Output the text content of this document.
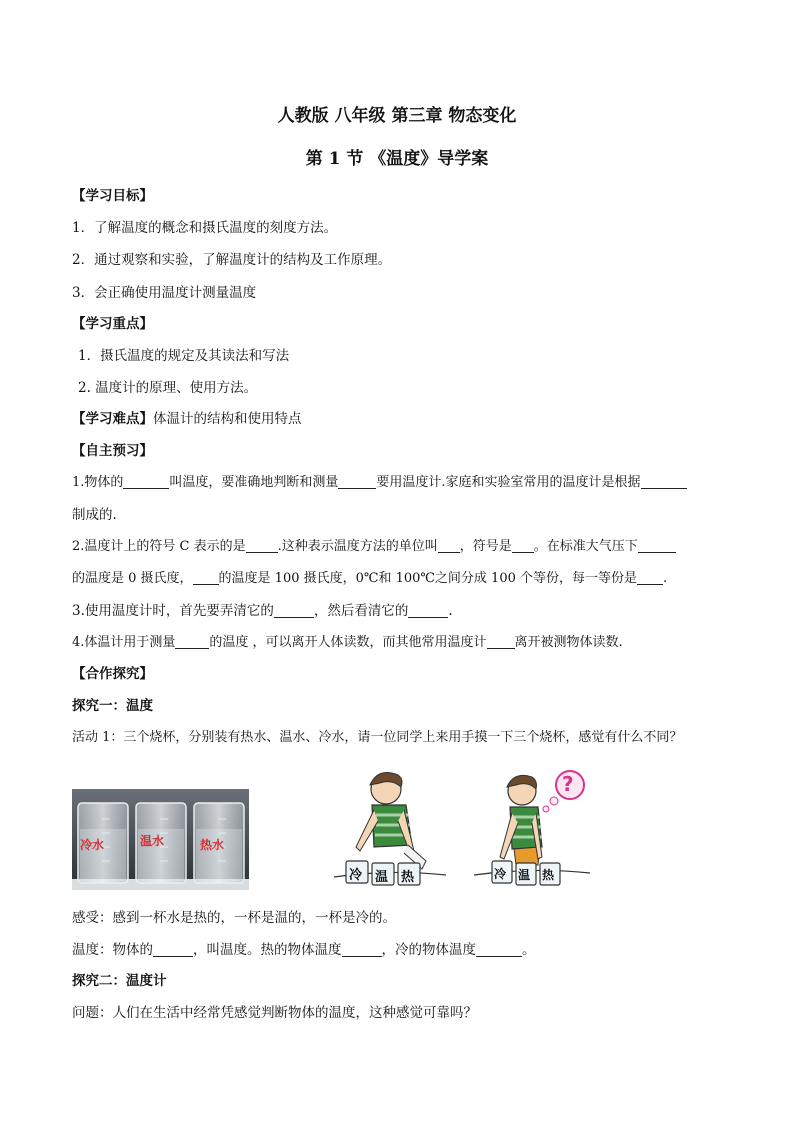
人教版 八年级 第三章 物态变化
第 1 节 《温度》导学案
【学习目标】
1．了解温度的概念和摄氏温度的刻度方法。
2．通过观察和实验，了解温度计的结构及工作原理。
3．会正确使用温度计测量温度
【学习重点】
1．摄氏温度的规定及其读法和写法
2. 温度计的原理、使用方法。
【学习难点】体温计的结构和使用特点
【自主预习】
1.物体的	叫温度，要准确地判断和测量	要用温度计.家庭和实验室常用的温度计是根据
制成的.
2.温度计上的符号 C 表示的是 .这种表示温度方法的单位叫 ，符号是 。在标准大气压下
的温度是 0 摄氏度， 的温度是 100 摄氏度，0℃和 100℃之间分成 100 个等份，每一等份是 .
3.使用温度计时，首先要弄清它的	，然后看清它的	.
4.体温计用于测量	的温度 ，可以离开人体读数，而其他常用温度计 离开被测物体读数.
【合作探究】
探究一：温度
活动 1：三个烧杯，分别装有热水、温水、冷水，请一位同学上来用手摸一下三个烧杯，感觉有什么不同？
冷水	温水	热水
冷 温 热
?
冷 温 热
感受：感到一杯水是热的，一杯是温的，一杯是冷的。
温度：物体的	，叫温度。热的物体温度	，冷的物体温度	。
探究二：温度计
问题：人们在生活中经常凭感觉判断物体的温度，这种感觉可靠吗？
